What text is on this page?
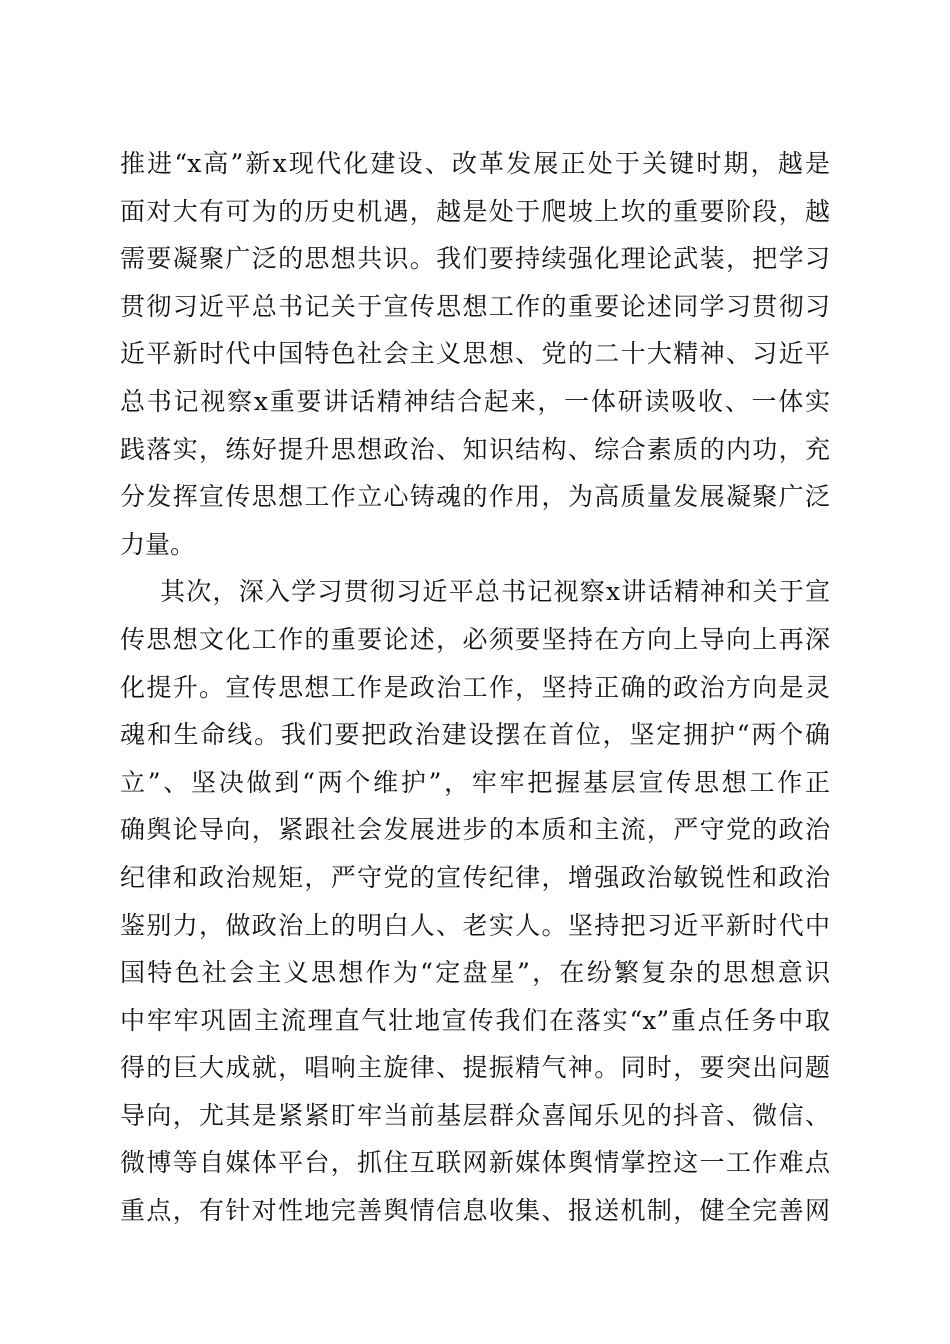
推进“x高”新x现代化建设、改革发展正处于关键时期，越是
面对大有可为的历史机遇，越是处于爬坡上坎的重要阶段，越
需要凝聚广泛的思想共识。我们要持续强化理论武装，把学习
贯彻习近平总书记关于宣传思想工作的重要论述同学习贯彻习
近平新时代中国特色社会主义思想、党的二十大精神、习近平
总书记视察x重要讲话精神结合起来，一体研读吸收、一体实
践落实，练好提升思想政治、知识结构、综合素质的内功，充
分发挥宣传思想工作立心铸魂的作用，为高质量发展凝聚广泛
力量。
其次，深入学习贯彻习近平总书记视察x讲话精神和关于宣
传思想文化工作的重要论述，必须要坚持在方向上导向上再深
化提升。宣传思想工作是政治工作，坚持正确的政治方向是灵
魂和生命线。我们要把政治建设摆在首位，坚定拥护“两个确
立”、坚决做到“两个维护”，牢牢把握基层宣传思想工作正
确舆论导向，紧跟社会发展进步的本质和主流，严守党的政治
纪律和政治规矩，严守党的宣传纪律，增强政治敏锐性和政治
鉴别力，做政治上的明白人、老实人。坚持把习近平新时代中
国特色社会主义思想作为“定盘星”，在纷繁复杂的思想意识
中牢牢巩固主流理直气壮地宣传我们在落实“x”重点任务中取
得的巨大成就，唱响主旋律、提振精气神。同时，要突出问题
导向，尤其是紧紧盯牢当前基层群众喜闻乐见的抖音、微信、
微博等自媒体平台，抓住互联网新媒体舆情掌控这一工作难点
重点，有针对性地完善舆情信息收集、报送机制，健全完善网
